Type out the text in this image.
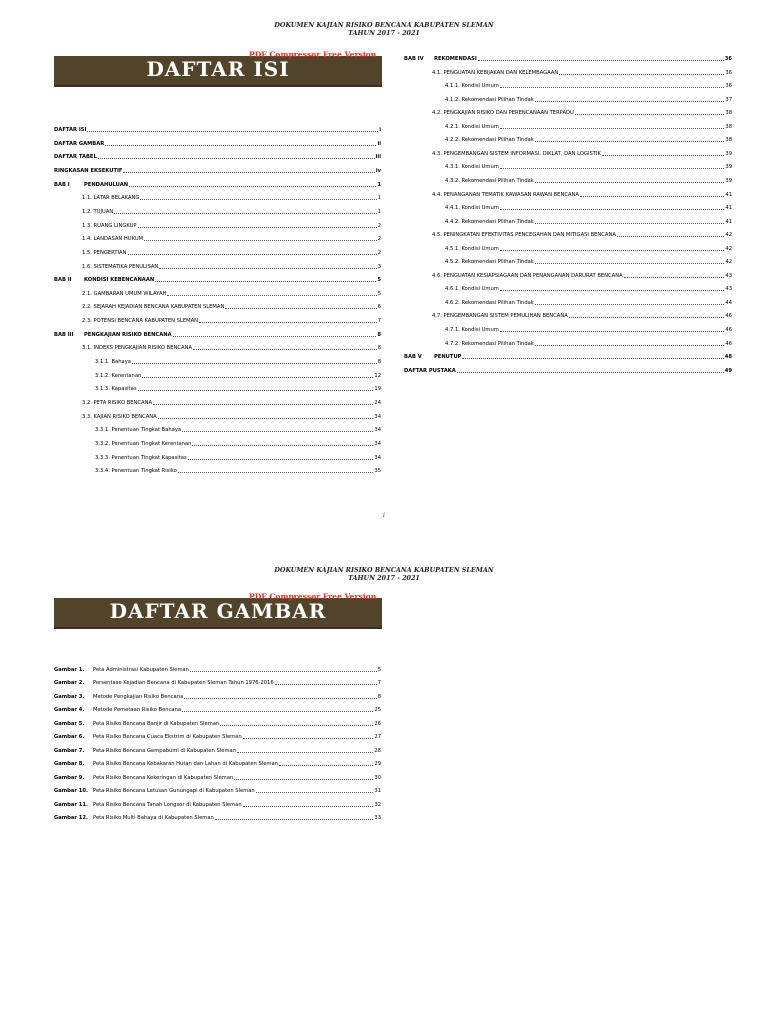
DOKUMEN KAJIAN RISIKO BENCANA KABUPATEN SLEMAN
TAHUN 2017 - 2021
DAFTAR ISI
PDF Compressor Free Version
DAFTAR ISI	i
DAFTAR GAMBAR	ii
DAFTAR TABEL	iii
RINGKASAN EKSEKUTIF	iv
BAB I	PENDAHULUAN	1
1.1. LATAR BELAKANG	1
1.2. TUJUAN	1
1.3. RUANG LINGKUP	2
1.4. LANDASAN HUKUM	2
1.5. PENGERTIAN	2
1.6. SISTEMATIKA PENULISAN	3
BAB II KONDISI KEBENCANAAN	5
2.1. GAMBARAN UMUM WILAYAH	5
2.2. SEJARAH KEJADIAN BENCANA KABUPATEN SLEMAN	6
2.3. POTENSI BENCANA KABUPATEN SLEMAN	7
BAB III PENGKAJIAN RISIKO BENCANA	8
3.1. INDEKS PENGKAJIAN RISIKO BENCANA	8
3.1.1. Bahaya	8
3.1.2. Kerentanan	12
3.1.3. Kapasitas	19
3.2. PETA RISIKO BENCANA	24
3.3. KAJIAN RISIKO BENCANA	34
3.3.1. Penentuan Tingkat Bahaya	34
3.3.2. Penentuan Tingkat Kerentanan	34
3.3.3. Penentuan Tingkat Kapasitas	34
3.3.4. Penentuan Tingkat Risiko	35
BAB IV REKOMENDASI	36
4.1. PENGUATAN KEBIJAKAN DAN KELEMBAGAAN	36
4.1.1. Kondisi Umum	36
4.1.2. Rekomendasi Pilihan Tindak	37
4.2. PENGKAJIAN RISIKO DAN PERENCANAAN TERPADU	38
4.2.1. Kondisi Umum	38
4.2.2. Rekomendasi Pilihan Tindak	38
4.3. PENGEMBANGAN SISTEM INFORMASI, DIKLAT, DAN LOGISTIK	39
4.3.1. Kondisi Umum	39
4.3.2. Rekomendasi Pilihan Tindak	39
4.4. PENANGANAN TEMATIK KAWASAN RAWAN BENCANA	41
4.4.1. Kondisi Umum	41
4.4.2. Rekomendasi Pilihan Tindak	41
4.5. PENINGKATAN EFEKTIVITAS PENCEGAHAN DAN MITIGASI BENCANA	42
4.5.1. Kondisi Umum	42
4.5.2. Rekomendasi Pilihan Tindak	42
4.6. PENGUATAN KESIAPSIAGAAN DAN PENANGANAN DARURAT BENCANA	43
4.6.1. Kondisi Umum	43
4.6.2. Rekomendasi Pilihan Tindak	44
4.7. PENGEMBANGAN SISTEM PEMULIHAN BENCANA	46
4.7.1. Kondisi Umum	46
4.7.2. Rekomendasi Pilihan Tindak	46
BAB V PENUTUP	48
DAFTAR PUSTAKA	49
i
DOKUMEN KAJIAN RISIKO BENCANA KABUPATEN SLEMAN
TAHUN 2017 - 2021
DAFTAR GAMBAR
PDF Compressor Free Version
Gambar 1.	Peta Administrasi Kabupaten Sleman	5
Gambar 2.	Persentase Kejadian Bencana di Kabupaten Sleman Tahun 1976-2016	7
Gambar 3.	Metode Pengkajian Risiko Bencana	8
Gambar 4.	Metode Pemetaan Risiko Bencana	25
Gambar 5.	Peta Risiko Bencana Banjir di Kabupaten Sleman	26
Gambar 6.	Peta Risiko Bencana Cuaca Ekstrim di Kabupaten Sleman	27
Gambar 7.	Peta Risiko Bencana Gempabumi di Kabupaten Sleman	28
Gambar 8.	Peta Risiko Bencana Kebakaran Hutan dan Lahan di Kabupaten Sleman	29
Gambar 9.	Peta Risiko Bencana Kekeringan di Kabupaten Sleman	30
Gambar 10. Peta Risiko Bencana Letusan Gunungapi di Kabupaten Sleman	31
Gambar 11. Peta Risiko Bencana Tanah Longsor di Kabupaten Sleman	32
Gambar 12. Peta Risiko Multi Bahaya di Kabupaten Sleman	33
